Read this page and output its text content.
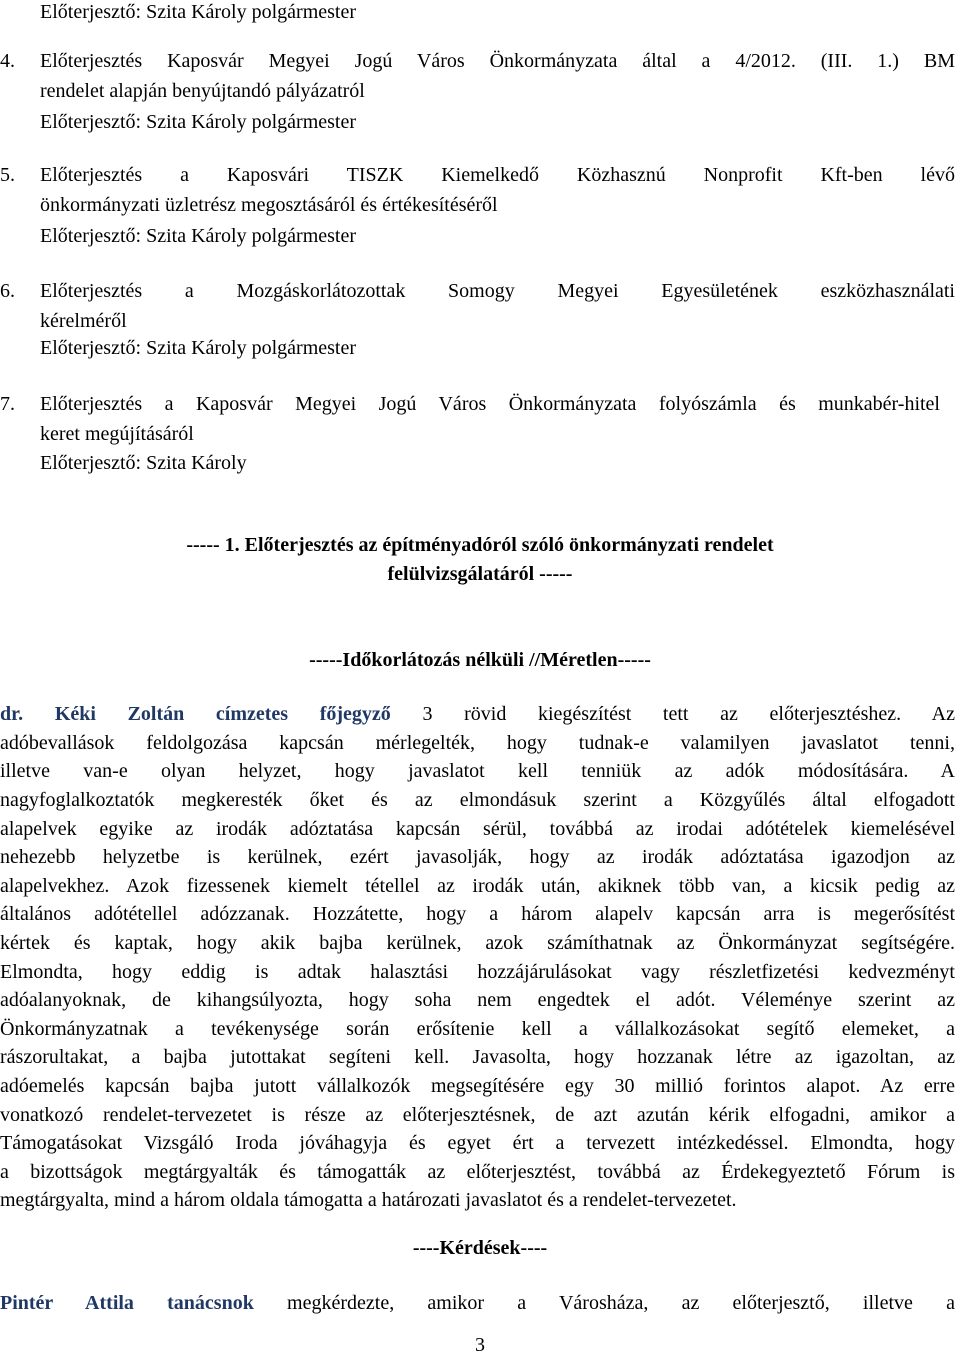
Előterjesztő: Szita Károly polgármester
4. Előterjesztés Kaposvár Megyei Jogú Város Önkormányzata által a 4/2012. (III. 1.) BM
rendelet alapján benyújtandó pályázatról
Előterjesztő: Szita Károly polgármester
5. Előterjesztés a Kaposvári TISZK Kiemelkedő Közhasznú Nonprofit Kft-ben lévő
önkormányzati üzletrész megosztásáról és értékesítéséről
Előterjesztő: Szita Károly polgármester
6. Előterjesztés a Mozgáskorlátozottak Somogy Megyei Egyesületének eszközhasználati
kérelméről
Előterjesztő: Szita Károly polgármester
7. Előterjesztés a Kaposvár Megyei Jogú Város Önkormányzata folyószámla és munkabér-hitel
keret megújításáról
Előterjesztő: Szita Károly
----- 1. Előterjesztés az építményadóról szóló önkormányzati rendelet
felülvizsgálatáról -----
-----Időkorlátozás nélküli //Méretlen-----
dr. Kéki Zoltán címzetes főjegyző 3 rövid kiegészítést tett az előterjesztéshez. Az
adóbevallások feldolgozása kapcsán mérlegelték, hogy tudnak-e valamilyen javaslatot tenni,
illetve van-e olyan helyzet, hogy javaslatot kell tenniük az adók módosítására. A
nagyfoglalkoztatók megkeresték őket és az elmondásuk szerint a Közgyűlés által elfogadott
alapelvek egyike az irodák adóztatása kapcsán sérül, továbbá az irodai adótételek kiemelésével
nehezebb helyzetbe is kerülnek, ezért javasolják, hogy az irodák adóztatása igazodjon az
alapelvekhez. Azok fizessenek kiemelt tétellel az irodák után, akiknek több van, a kicsik pedig az
általános adótétellel adózzanak. Hozzátette, hogy a három alapelv kapcsán arra is megerősítést
kértek és kaptak, hogy akik bajba kerülnek, azok számíthatnak az Önkormányzat segítségére.
Elmondta, hogy eddig is adtak halasztási hozzájárulásokat vagy részletfizetési kedvezményt
adóalanyoknak, de kihangsúlyozta, hogy soha nem engedtek el adót. Véleménye szerint az
Önkormányzatnak a tevékenysége során erősítenie kell a vállalkozásokat segítő elemeket, a
rászorultakat, a bajba jutottakat segíteni kell. Javasolta, hogy hozzanak létre az igazoltan, az
adóemelés kapcsán bajba jutott vállalkozók megsegítésére egy 30 millió forintos alapot. Az erre
vonatkozó rendelet-tervezetet is része az előterjesztésnek, de azt azután kérik elfogadni, amikor a
Támogatásokat Vizsgáló Iroda jóváhagyja és egyet ért a tervezett intézkedéssel. Elmondta, hogy
a bizottságok megtárgyalták és támogatták az előterjesztést, továbbá az Érdekegyeztető Fórum is
megtárgyalta, mind a három oldala támogatta a határozati javaslatot és a rendelet-tervezetet.
----Kérdések----
Pintér Attila tanácsnok megkérdezte, amikor a Városháza, az előterjesztő, illetve a
3
